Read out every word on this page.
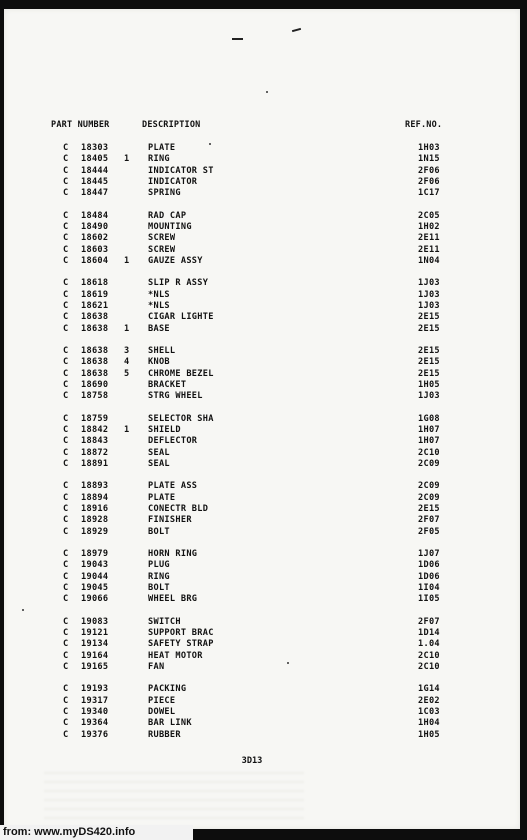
PART NUMBER	DESCRIPTION	REF.NO.
C 18303	PLATE	1H03
C 18405 1 RING	1N15
C 18444	INDICATOR ST	2F06
C 18445	INDICATOR	2F06
C 18447	SPRING	1C17
C 18484	RAD CAP	2C05
C 18490	MOUNTING	1H02
C 18602	SCREW	2E11
C 18603	SCREW	2E11
C 18604 1 GAUZE ASSY	1N04
C 18618	SLIP R ASSY	1J03
C 18619	*NLS	1J03
C 18621	*NLS	1J03
C 18638	CIGAR LIGHTE	2E15
C 18638 1 BASE	2E15
C 18638 3 SHELL	2E15
C 18638 4 KNOB	2E15
C 18638 5 CHROME BEZEL	2E15
C 18690	BRACKET	1H05
C 18758	STRG WHEEL	1J03
C 18759	SELECTOR SHA	1G08
C 18842 1 SHIELD	1H07
C 18843	DEFLECTOR	1H07
C 18872	SEAL	2C10
C 18891	SEAL	2C09
C 18893	PLATE ASS	2C09
C 18894	PLATE	2C09
C 18916	CONECTR BLD	2E15
C 18928	FINISHER	2F07
C 18929	BOLT	2F05
C 18979	HORN RING	1J07
C 19043	PLUG	1D06
C 19044	RING	1D06
C 19045	BOLT	1I04
C 19066	WHEEL BRG	1I05
C 19083	SWITCH	2F07
C 19121	SUPPORT BRAC	1D14
C 19134	SAFETY STRAP	1.04
C 19164	HEAT MOTOR	2C10
C 19165	FAN	2C10
C 19193	PACKING	1G14
C 19317	PIECE	2E02
C 19340	DOWEL	1C03
C 19364	BAR LINK	1H04
C 19376	RUBBER	1H05
3D13
from: www.myDS420.info
